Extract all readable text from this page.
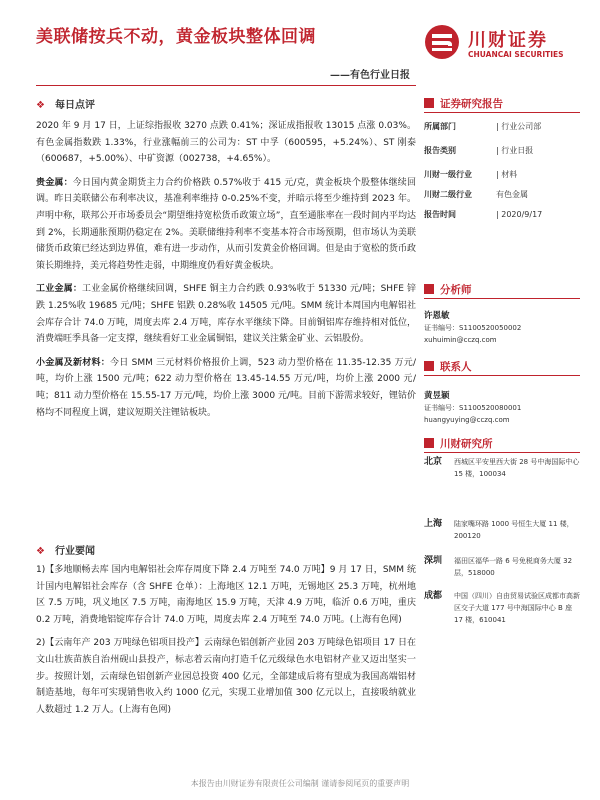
美联储按兵不动，黄金板块整体回调
——有色行业日报
川财证券
CHUANCAI SECURITIES
❖ 每日点评

2020 年 9 月 17 日，上证综指报收 3270 点跌 0.41%；深证成指报收 13015 点涨 0.03%。有色金属指数跌 1.33%，行业涨幅前三的公司为：ST 中孚（600595，+5.24%）、ST 刚泰（600687，+5.00%）、中矿资源（002738，+4.65%）。

贵金属：今日国内黄金期货主力合约价格跌 0.57%收于 415 元/克，黄金板块个股整体继续回调。昨日美联储公布利率决议，基准利率维持 0-0.25%不变，并暗示将至少维持到 2023 年。声明中称，联邦公开市场委员会“期望维持宽松货币政策立场”，直至通胀率在一段时间内平均达到 2%，长期通胀预期仍稳定在 2%。美联储维持利率不变基本符合市场预期，但市场认为美联储货币政策已经达到边界值，难有进一步动作，从而引发黄金价格回调。但是由于宽松的货币政策长期维持，美元将趋势性走弱，中期维度仍看好黄金板块。

工业金属：工业金属价格继续回调，SHFE 铜主力合约跌 0.93%收于 51330 元/吨；SHFE 锌跌 1.25%收 19685 元/吨；SHFE 铝跌 0.28%收 14505 元/吨。SMM 统计本周国内电解铝社会库存合计 74.0 万吨，周度去库 2.4 万吨，库存水平继续下降。目前铜铝库存维持相对低位，消费端旺季具备一定支撑，继续看好工业金属铜铝，建议关注紫金矿业、云铝股份。

小金属及新材料：今日 SMM 三元材料价格报价上调，523 动力型价格在 11.35-12.35 万元/吨，均价上涨 1500 元/吨；622 动力型价格在 13.45-14.55 万元/吨，均价上涨 2000 元/吨；811 动力型价格在 15.55-17 万元/吨，均价上涨 3000 元/吨。目前下游需求较好，锂钴价格均不同程度上调，建议短期关注锂钴板块。

❖ 行业要闻

1)【多地顺畅去库 国内电解铝社会库存周度下降 2.4 万吨至 74.0 万吨】9 月 17 日，SMM 统计国内电解铝社会库存（含 SHFE 仓单）：上海地区 12.1 万吨，无锡地区 25.3 万吨，杭州地区 7.5 万吨，巩义地区 7.5 万吨，南海地区 15.9 万吨，天津 4.9 万吨，临沂 0.6 万吨，重庆 0.2 万吨，消费地铝锭库存合计 74.0 万吨，周度去库 2.4 万吨至 74.0 万吨。(上海有色网)

2)【云南年产 203 万吨绿色铝项目投产】云南绿色铝创新产业园 203 万吨绿色铝项目 17 日在文山壮族苗族自治州砚山县投产，标志着云南向打造千亿元级绿色水电铝材产业又迈出坚实一步。按照计划，云南绿色铝创新产业园总投资 400 亿元，全部建成后将有望成为我国高端铝材制造基地，每年可实现销售收入约 1000 亿元，实现工业增加值 300 亿元以上，直接吸纳就业人数超过 1.2 万人。(上海有色网)

证券研究报告
所属部门	| 行业公司部
报告类别	| 行业日报
川财一级行业	| 材料
川财二级行业	有色金属
报告时间	| 2020/9/17
分析师
许恩敏
证书编号：S1100520050002
xuhuimin@cczq.com
联系人
黄昱颖
证书编号：S1100520080001
huangyuying@cczq.com
川财研究所
北京 西城区平安里西大街 28 号中海国际中心 15 楼，100034
上海 陆家嘴环路 1000 号恒生大厦 11 楼，200120
深圳 福田区福华一路 6 号免税商务大厦 32 层，518000
成都 中国（四川）自由贸易试验区成都市高新区交子大道 177 号中海国际中心 B 座 17 楼，610041
本报告由川财证券有限责任公司编制 谨请参阅尾页的重要声明
